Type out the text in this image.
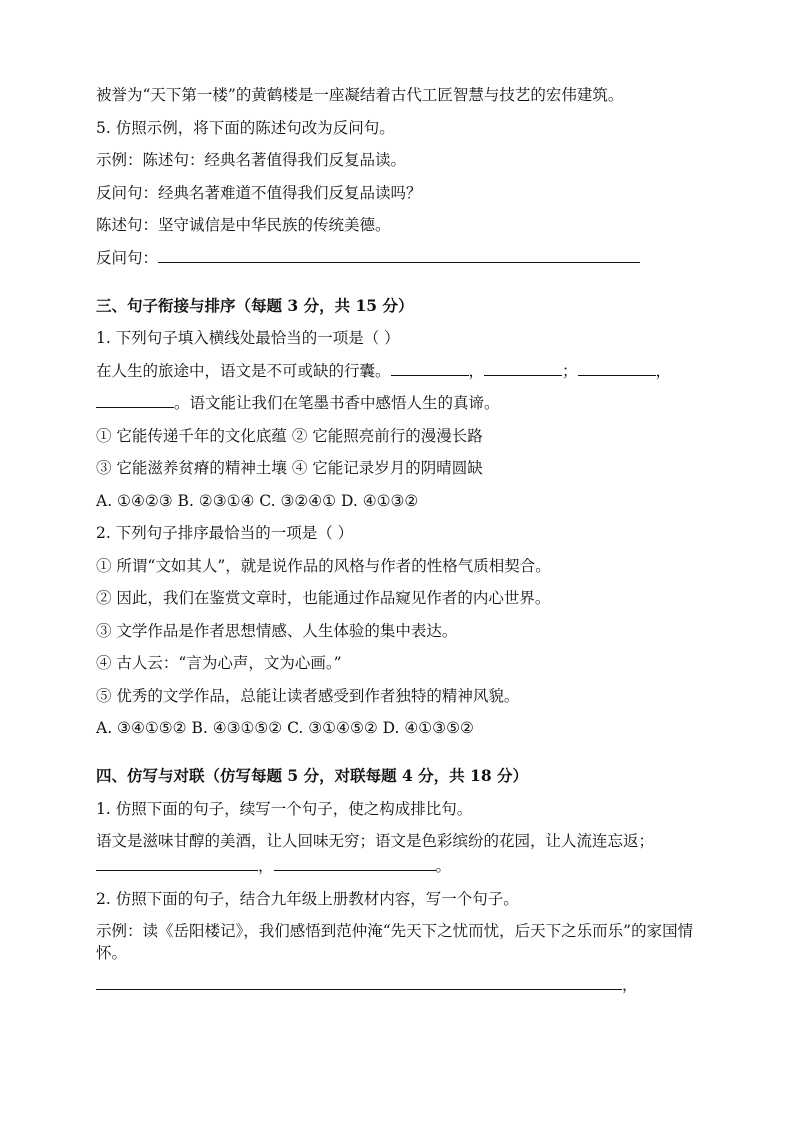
被誉为“天下第一楼”的黄鹤楼是一座凝结着古代工匠智慧与技艺的宏伟建筑。
5. 仿照示例，将下面的陈述句改为反问句。
示例：陈述句：经典名著值得我们反复品读。
反问句：经典名著难道不值得我们反复品读吗？
陈述句：坚守诚信是中华民族的传统美德。
反问句：
三、句子衔接与排序（每题 3 分，共 15 分）
1. 下列句子填入横线处最恰当的一项是（ ）
在人生的旅途中，语文是不可或缺的行囊。	，	；	，
。语文能让我们在笔墨书香中感悟人生的真谛。
① 它能传递千年的文化底蕴 ② 它能照亮前行的漫漫长路
③ 它能滋养贫瘠的精神土壤 ④ 它能记录岁月的阴晴圆缺
A. ①④②③ B. ②③①④ C. ③②④① D. ④①③②
2. 下列句子排序最恰当的一项是（ ）
① 所谓“文如其人”，就是说作品的风格与作者的性格气质相契合。
② 因此，我们在鉴赏文章时，也能通过作品窥见作者的内心世界。
③ 文学作品是作者思想情感、人生体验的集中表达。
④ 古人云：“言为心声，文为心画。”
⑤ 优秀的文学作品，总能让读者感受到作者独特的精神风貌。
A. ③④①⑤② B. ④③①⑤② C. ③①④⑤② D. ④①③⑤②
四、仿写与对联（仿写每题 5 分，对联每题 4 分，共 18 分）
1. 仿照下面的句子，续写一个句子，使之构成排比句。
语文是滋味甘醇的美酒，让人回味无穷；语文是色彩缤纷的花园，让人流连忘返；
，	。
2. 仿照下面的句子，结合九年级上册教材内容，写一个句子。
示例：读《岳阳楼记》，我们感悟到范仲淹“先天下之忧而忧，后天下之乐而乐”的家国情怀。
，
